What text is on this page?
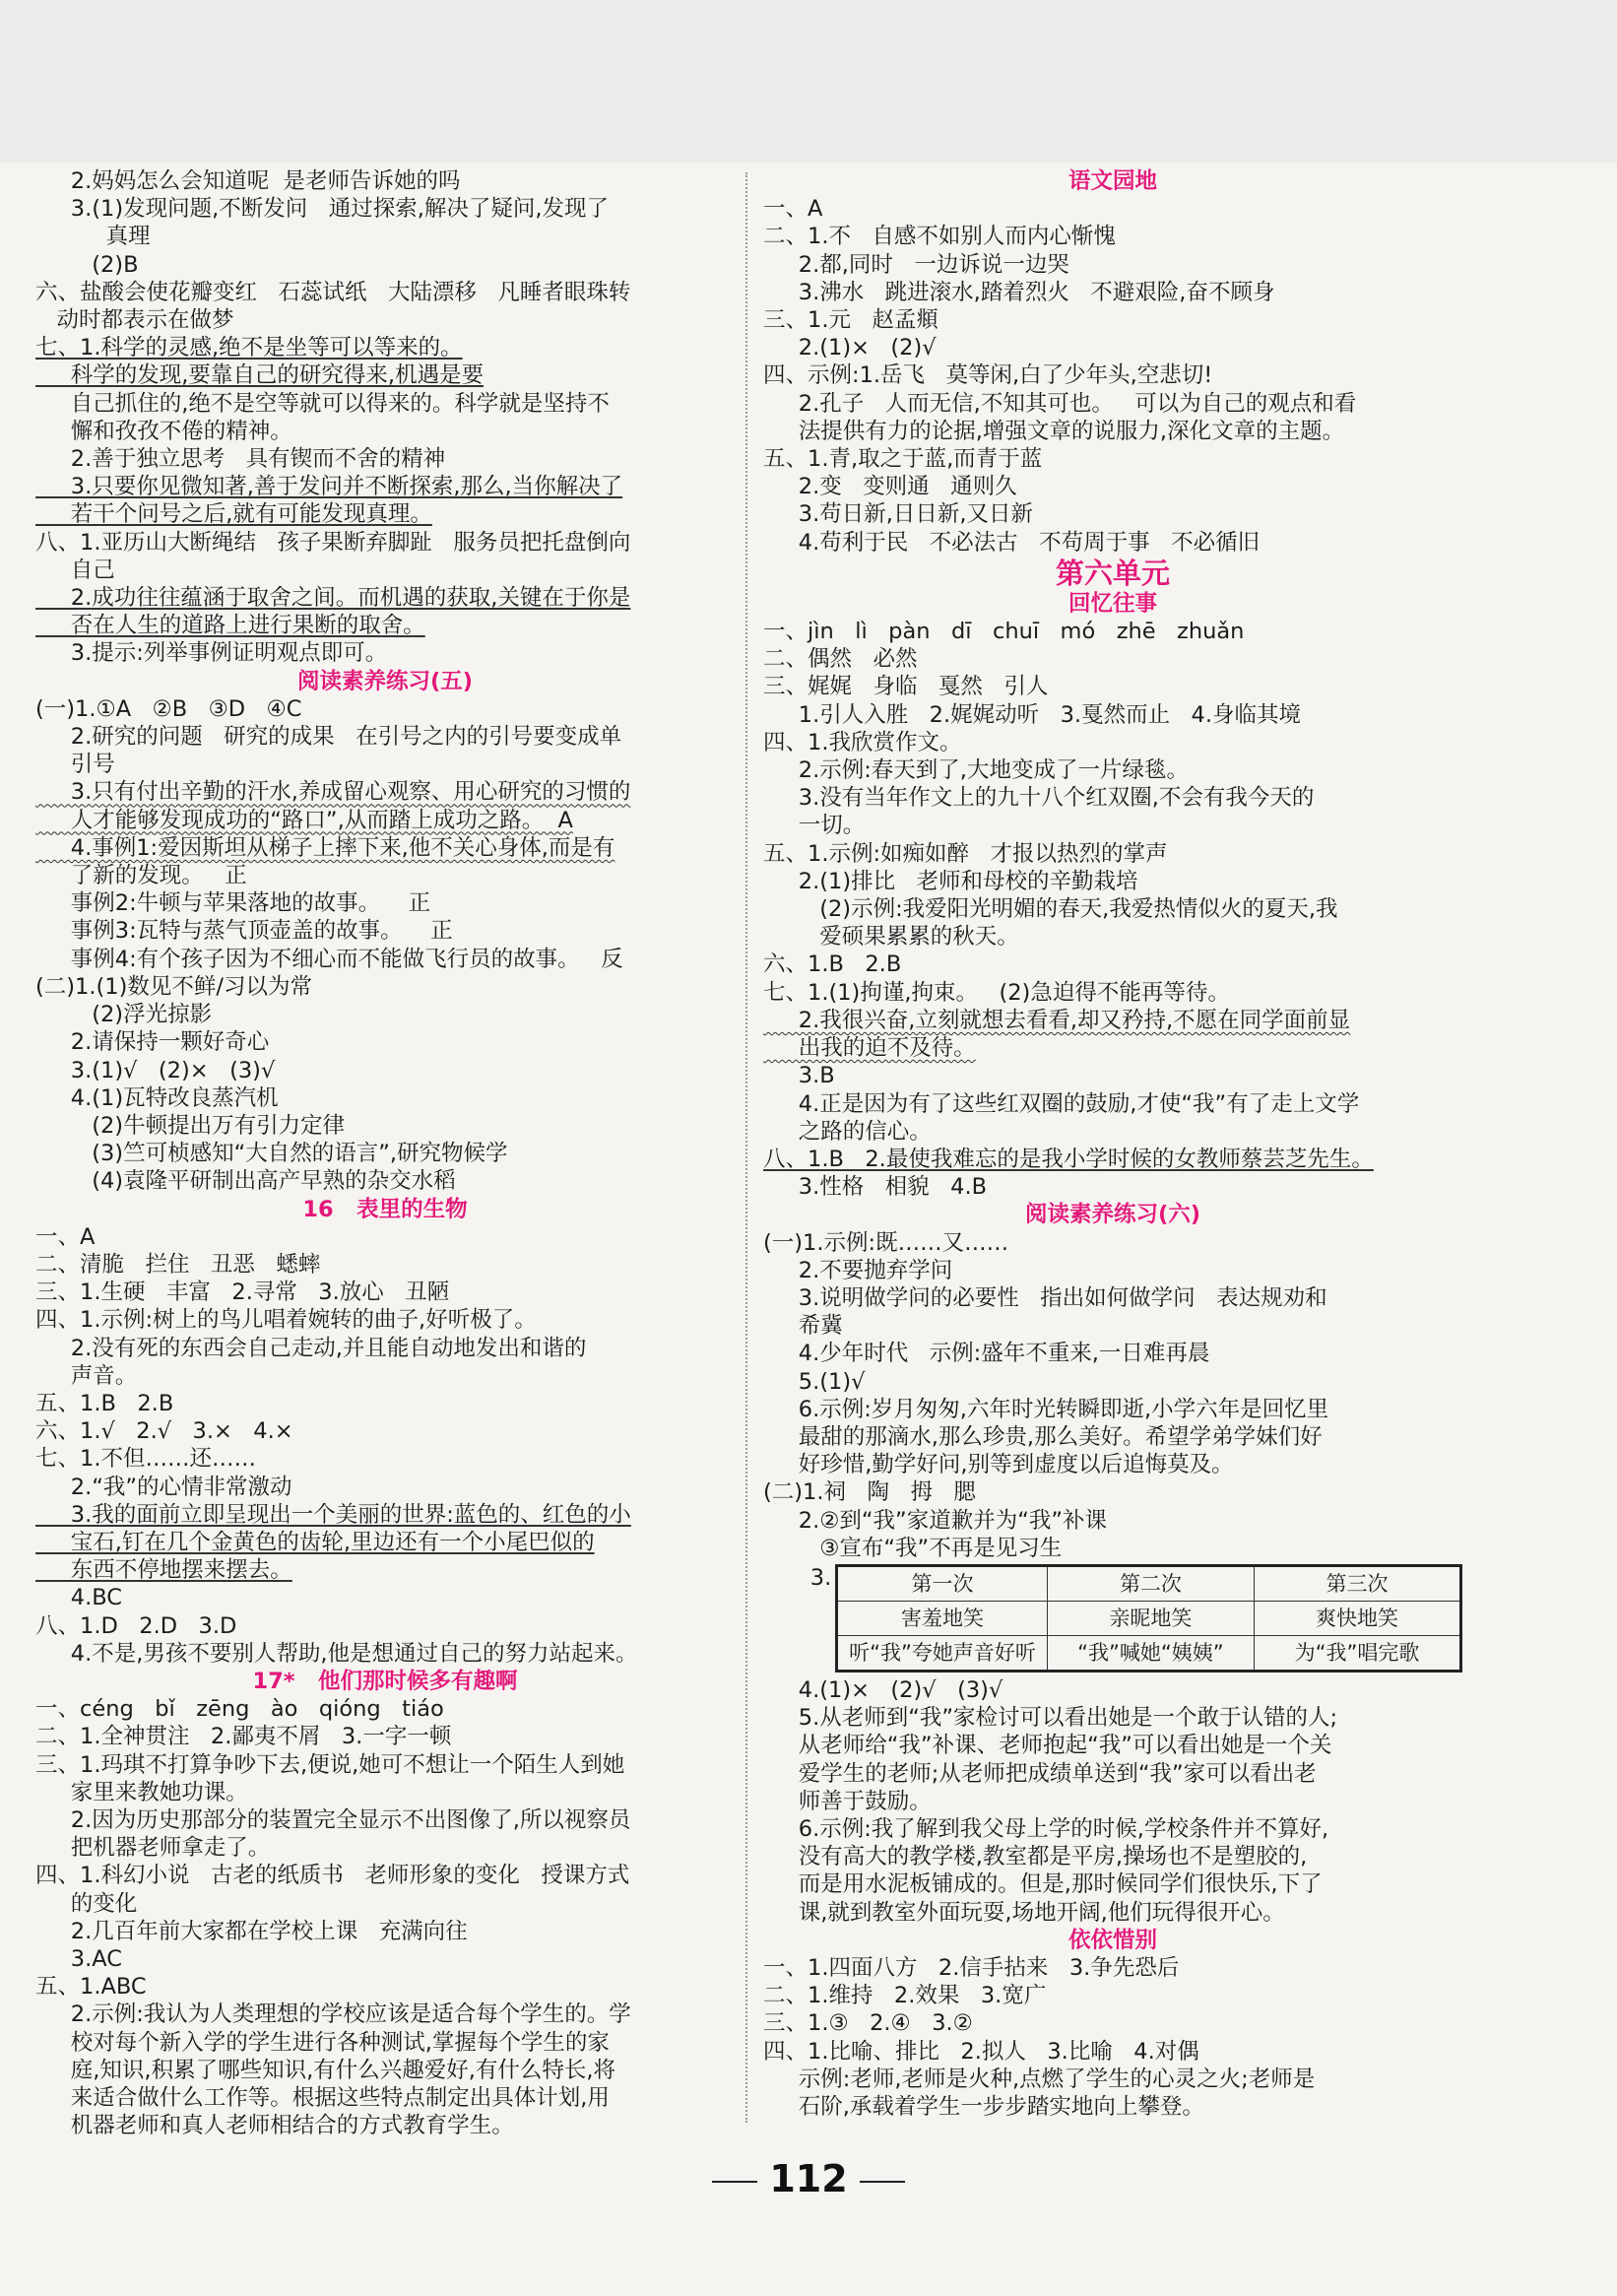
2.妈妈怎么会知道呢  是老师告诉她的吗
3.(1)发现问题,不断发问   通过探索,解决了疑问,发现了
真理
(2)B
六、盐酸会使花瓣变红   石蕊试纸   大陆漂移   凡睡者眼珠转
动时都表示在做梦
七、1.科学的灵感,绝不是坐等可以等来的。
科学的发现,要靠自己的研究得来,机遇是要
自己抓住的,绝不是空等就可以得来的。科学就是坚持不
懈和孜孜不倦的精神。
2.善于独立思考   具有锲而不舍的精神
3.只要你见微知著,善于发问并不断探索,那么,当你解决了
若干个问号之后,就有可能发现真理。
八、1.亚历山大断绳结   孩子果断弃脚趾   服务员把托盘倒向
自己
2.成功往往蕴涵于取舍之间。而机遇的获取,关键在于你是
否在人生的道路上进行果断的取舍。
3.提示:列举事例证明观点即可。
阅读素养练习(五)
(一)1.①A   ②B   ③D   ④C
2.研究的问题   研究的成果   在引号之内的引号要变成单
引号
3.只有付出辛勤的汗水,养成留心观察、用心研究的习惯的
人才能够发现成功的“路口”,从而踏上成功之路。  A
4.事例1:爱因斯坦从梯子上摔下来,他不关心身体,而是有
了新的发现。   正
事例2:牛顿与苹果落地的故事。    正
事例3:瓦特与蒸气顶壶盖的故事。    正
事例4:有个孩子因为不细心而不能做飞行员的故事。   反
(二)1.(1)数见不鲜/习以为常
(2)浮光掠影
2.请保持一颗好奇心
3.(1)√   (2)×   (3)√
4.(1)瓦特改良蒸汽机
(2)牛顿提出万有引力定律
(3)竺可桢感知“大自然的语言”,研究物候学
(4)袁隆平研制出高产早熟的杂交水稻
16   表里的生物
一、A
二、清脆   拦住   丑恶   蟋蟀
三、1.生硬   丰富   2.寻常   3.放心   丑陋
四、1.示例:树上的鸟儿唱着婉转的曲子,好听极了。
2.没有死的东西会自己走动,并且能自动地发出和谐的
声音。
五、1.B   2.B
六、1.√   2.√   3.×   4.×
七、1.不但……还……
2.“我”的心情非常激动
3.我的面前立即呈现出一个美丽的世界:蓝色的、红色的小
宝石,钉在几个金黄色的齿轮,里边还有一个小尾巴似的
东西不停地摆来摆去。
4.BC
八、1.D   2.D   3.D
4.不是,男孩不要别人帮助,他是想通过自己的努力站起来。
17*   他们那时候多有趣啊
一、céng   bǐ   zēng   ào   qióng   tiáo
二、1.全神贯注   2.鄙夷不屑   3.一字一顿
三、1.玛琪不打算争吵下去,便说,她可不想让一个陌生人到她
家里来教她功课。
2.因为历史那部分的装置完全显示不出图像了,所以视察员
把机器老师拿走了。
四、1.科幻小说   古老的纸质书   老师形象的变化   授课方式
的变化
2.几百年前大家都在学校上课   充满向往
3.AC
五、1.ABC
2.示例:我认为人类理想的学校应该是适合每个学生的。学
校对每个新入学的学生进行各种测试,掌握每个学生的家
庭,知识,积累了哪些知识,有什么兴趣爱好,有什么特长,将
来适合做什么工作等。根据这些特点制定出具体计划,用
机器老师和真人老师相结合的方式教育学生。
语文园地
一、A
二、1.不   自感不如别人而内心惭愧
2.都,同时   一边诉说一边哭
3.沸水   跳进滚水,踏着烈火   不避艰险,奋不顾身
三、1.元   赵孟頫
2.(1)×   (2)√
四、示例:1.岳飞   莫等闲,白了少年头,空悲切!
2.孔子   人而无信,不知其可也。   可以为自己的观点和看
法提供有力的论据,增强文章的说服力,深化文章的主题。
五、1.青,取之于蓝,而青于蓝
2.变   变则通   通则久
3.苟日新,日日新,又日新
4.苟利于民   不必法古   不苟周于事   不必循旧
第六单元
回忆往事
一、jìn   lì   pàn   dī   chuī   mó   zhē   zhuǎn
二、偶然   必然
三、娓娓   身临   戛然   引人
1.引人入胜   2.娓娓动听   3.戛然而止   4.身临其境
四、1.我欣赏作文。
2.示例:春天到了,大地变成了一片绿毯。
3.没有当年作文上的九十八个红双圈,不会有我今天的
一切。
五、1.示例:如痴如醉   才报以热烈的掌声
2.(1)排比   老师和母校的辛勤栽培
(2)示例:我爱阳光明媚的春天,我爱热情似火的夏天,我
爱硕果累累的秋天。
六、1.B   2.B
七、1.(1)拘谨,拘束。   (2)急迫得不能再等待。
2.我很兴奋,立刻就想去看看,却又矜持,不愿在同学面前显
出我的迫不及待。
3.B
4.正是因为有了这些红双圈的鼓励,才使“我”有了走上文学
之路的信心。
八、1.B   2.最使我难忘的是我小学时候的女教师蔡芸芝先生。
3.性格   相貌   4.B
阅读素养练习(六)
(一)1.示例:既……又……
2.不要抛弃学问
3.说明做学问的必要性   指出如何做学问   表达规劝和
希冀
4.少年时代   示例:盛年不重来,一日难再晨
5.(1)√
6.示例:岁月匆匆,六年时光转瞬即逝,小学六年是回忆里
最甜的那滴水,那么珍贵,那么美好。希望学弟学妹们好
好珍惜,勤学好问,别等到虚度以后追悔莫及。
(二)1.祠   陶   拇   腮
2.②到“我”家道歉并为“我”补课
③宣布“我”不再是见习生
3.	第一次	第二次	第三次
害羞地笑	亲昵地笑	爽快地笑
听“我”夸她声音好听	“我”喊她“姨姨”	为“我”唱完歌
4.(1)×   (2)√   (3)√
5.从老师到“我”家检讨可以看出她是一个敢于认错的人;
从老师给“我”补课、老师抱起“我”可以看出她是一个关
爱学生的老师;从老师把成绩单送到“我”家可以看出老
师善于鼓励。
6.示例:我了解到我父母上学的时候,学校条件并不算好,
没有高大的教学楼,教室都是平房,操场也不是塑胶的,
而是用水泥板铺成的。但是,那时候同学们很快乐,下了
课,就到教室外面玩耍,场地开阔,他们玩得很开心。
依依惜别
一、1.四面八方   2.信手拈来   3.争先恐后
二、1.维持   2.效果   3.宽广
三、1.③   2.④   3.②
四、1.比喻、排比   2.拟人   3.比喻   4.对偶
示例:老师,老师是火种,点燃了学生的心灵之火;老师是
石阶,承载着学生一步步踏实地向上攀登。
112
